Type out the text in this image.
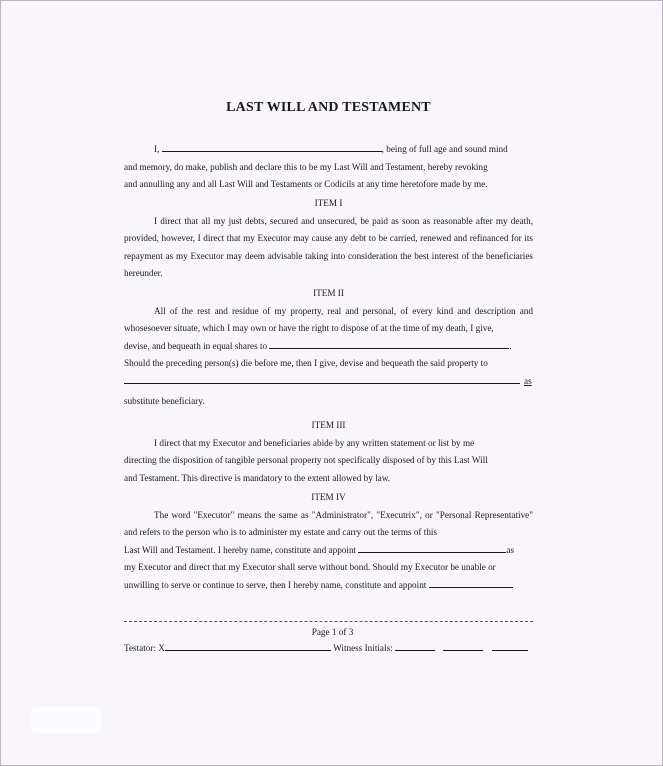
LAST WILL AND TESTAMENT
I,	, being of full age and sound mind
and memory, do make, publish and declare this to be my Last Will and Testament, hereby revoking
and annulling any and all Last Will and Testaments or Codicils at any time heretofore made by me.
ITEM I

I direct that all my just debts, secured and unsecured, be paid as soon as reasonable after my death, provided, however, I direct that my Executor may cause any debt to be carried, renewed and refinanced for its repayment as my Executor may deem advisable taking into consideration the best interest of the beneficiaries hereunder.

ITEM II

All of the rest and residue of my property, real and personal, of every kind and description and whosesoever situate, which I may own or have the right to dispose of at the time of my death, I give,

devise, and bequeath in equal shares to	.
Should the preceding person(s) die before me, then I give, devise and bequeath the said property to
as
substitute beneficiary.
ITEM III
I direct that my Executor and beneficiaries abide by any written statement or list by me
directing the disposition of tangible personal property not specifically disposed of by this Last Will
and Testament. This directive is mandatory to the extent allowed by law.
ITEM IV

The word "Executor" means the same as "Administrator", "Executrix", or "Personal Representative" and refers to the person who is to administer my estate and carry out the terms of this

Last Will and Testament. I hereby name, constitute and appoint	as
my Executor and direct that my Executor shall serve without bond. Should my Executor be unable or
unwilling to serve or continue to serve, then I hereby name, constitute and appoint
Page 1 of 3
Testator: X	Witness Initials:
